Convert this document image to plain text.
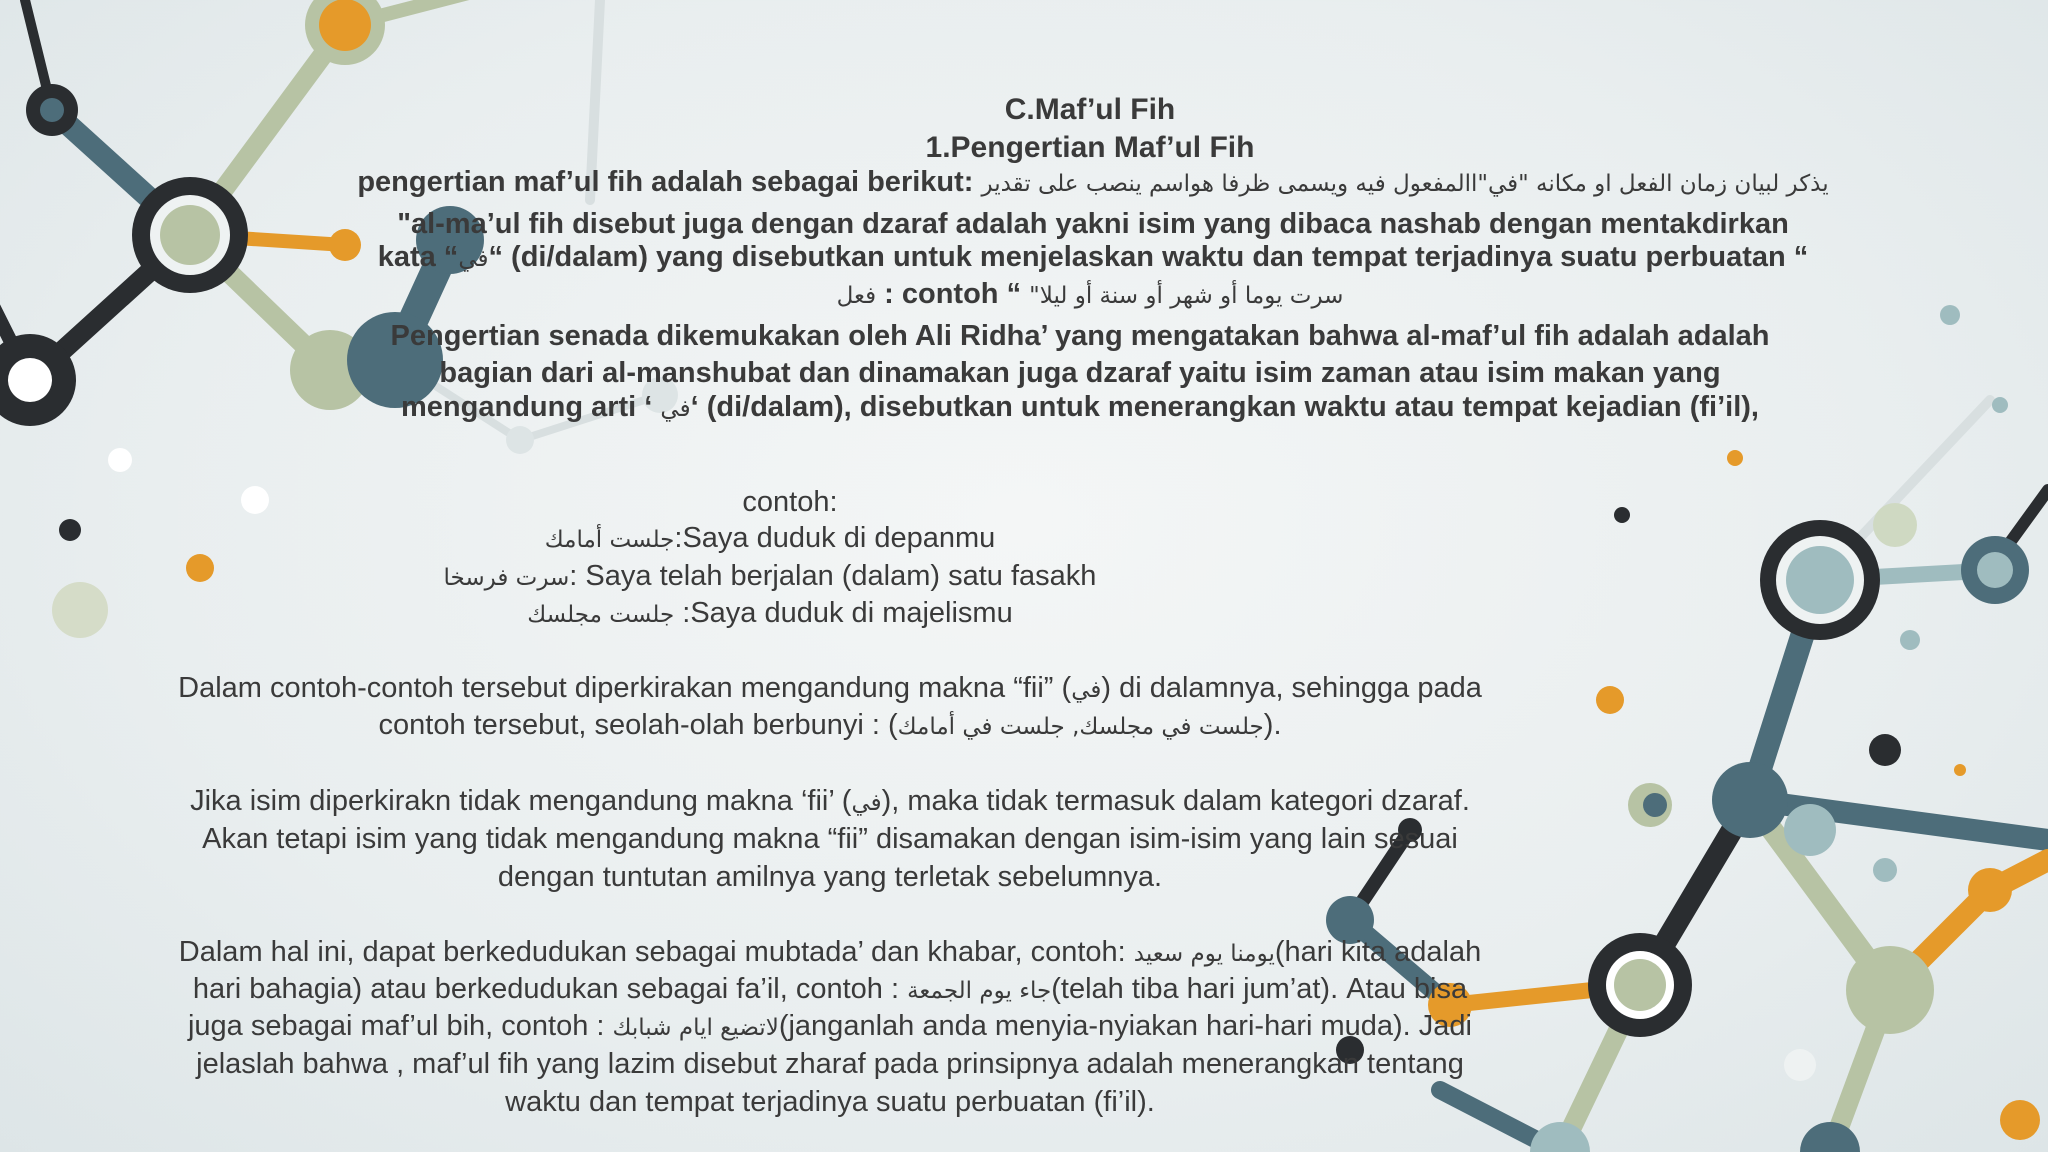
C.Maf’ul Fih
1.Pengertian Maf’ul Fih
pengertian maf’ul fih adalah sebagai berikut: يذكر لبيان زمان الفعل او مكانه "في"االمفعول فيه ويسمى ظرفا هواسم ينصب على تقدير
"al-ma’ul fih disebut juga dengan dzaraf adalah yakni isim yang dibaca nashab dengan mentakdirkan
kata “في“ (di/dalam) yang disebutkan untuk menjelaskan waktu dan tempat terjadinya suatu perbuatan “
فعل : contoh “ "سرت يوما أو شهر أو سنة أو ليلا
Pengertian senada dikemukakan oleh Ali Ridha’ yang mengatakan bahwa al-maf’ul fih adalah adalah
bagian dari al-manshubat dan dinamakan juga dzaraf yaitu isim zaman atau isim makan yang
mengandung arti ‘ في‘ (di/dalam), disebutkan untuk menerangkan waktu atau tempat kejadian (fi’il),
contoh:
جلست أمامك:Saya duduk di depanmu
سرت فرسخا: Saya telah berjalan (dalam) satu fasakh
جلست مجلسك :Saya duduk di majelismu
Dalam contoh-contoh tersebut diperkirakan mengandung makna “fii” (في) di dalamnya, sehingga pada
contoh tersebut, seolah-olah berbunyi : (جلست في مجلسك, جلست في أمامك).
Jika isim diperkirakn tidak mengandung makna ‘fii’ (في), maka tidak termasuk dalam kategori dzaraf.
Akan tetapi isim yang tidak mengandung makna “fii” disamakan dengan isim-isim yang lain sesuai
dengan tuntutan amilnya yang terletak sebelumnya.
Dalam hal ini, dapat berkedudukan sebagai mubtada’ dan khabar, contoh: يومنا يوم سعيد(hari kita adalah
hari bahagia) atau berkedudukan sebagai fa’il, contoh : جاء يوم الجمعة(telah tiba hari jum’at). Atau bisa
juga sebagai maf’ul bih, contoh : لاتضيع ايام شبابك(janganlah anda menyia-nyiakan hari-hari muda). Jadi
jelaslah bahwa , maf’ul fih yang lazim disebut zharaf pada prinsipnya adalah menerangkan tentang
waktu dan tempat terjadinya suatu perbuatan (fi’il).
